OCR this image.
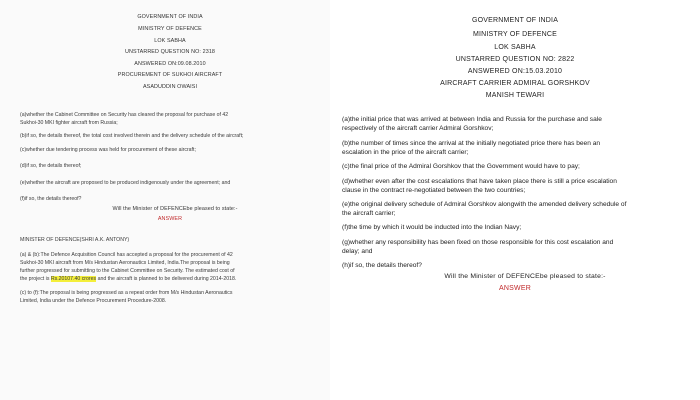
GOVERNMENT OF INDIA
MINISTRY OF DEFENCE
LOK SABHA
UNSTARRED QUESTION NO: 2318
ANSWERED ON:09.08.2010
PROCUREMENT OF SUKHOI AIRCRAFT
ASADUDDIN OWAISI
(a)whether the Cabinet Committee on Security has cleared the proposal for purchase of 42
Sukhoi-30 MKI fighter aircraft from Russia;
(b)if so, the details thereof, the total cost involved therein and the delivery schedule of the aircraft;
(c)whether due tendering process was held for procurement of these aircraft;
(d)if so, the details thereof;
(e)whether the aircraft are proposed to be produced indigenously under the agreement; and
(f)if so, the details thereof?
Will the Minister of DEFENCEbe pleased to state:-
ANSWER
MINISTER OF DEFENCE(SHRI A.K. ANTONY)
(a) & (b):The Defence Acquisition Council has accepted a proposal for the procurement of 42
Sukhoi-30 MKI aircraft from M/s Hindustan Aeronautics Limited, India.The proposal is being
further progressed for submitting to the Cabinet Committee on Security. The estimated cost of
the project is Rs.20107.40 crores and the aircraft is planned to be delivered during 2014-2018.
(c) to (f):The proposal is being progressed as a repeat order from M/s Hindustan Aeronautics
Limited, India under the Defence Procurement Procedure-2008.
GOVERNMENT OF INDIA
MINISTRY OF DEFENCE
LOK SABHA
UNSTARRED QUESTION NO: 2822
ANSWERED ON:15.03.2010
AIRCRAFT CARRIER ADMIRAL GORSHKOV
MANISH TEWARI
(a)the initial price that was arrived at between India and Russia for the purchase and sale
respectively of the aircraft carrier Admiral Gorshkov;
(b)the number of times since the arrival at the initially negotiated price there has been an
escalation in the price of the aircraft carrier;
(c)the final price of the Admiral Gorshkov that the Government would have to pay;
(d)whether even after the cost escalations that have taken place there is still a price escalation
clause in the contract re-negotiated between the two countries;
(e)the original delivery schedule of Admiral Gorshkov alongwith the amended delivery schedule of
the aircraft carrier;
(f)the time by which it would be inducted into the Indian Navy;
(g)whether any responsibility has been fixed on those responsible for this cost escalation and
delay; and
(h)if so, the details thereof?
Will the Minister of DEFENCEbe pleased to state:-
ANSWER
